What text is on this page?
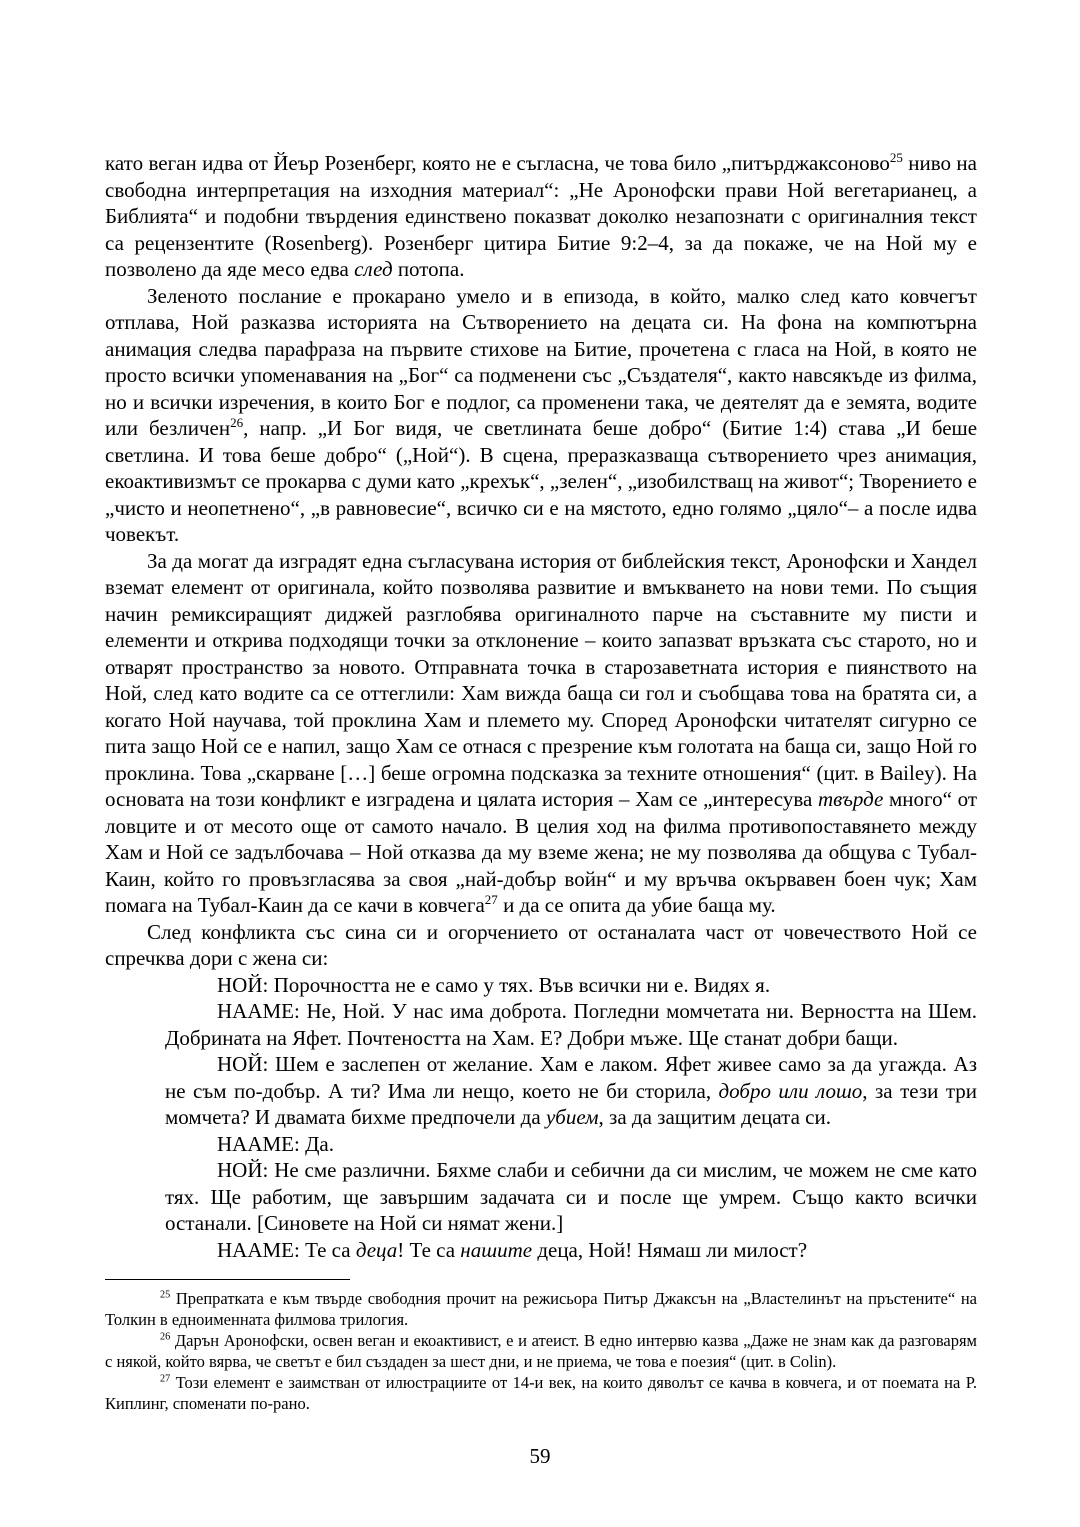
като веган идва от Йеър Розенберг, която не е съгласна, че това било „питърджаксоново$^{25}$ ниво на свободна интерпретация на изходния материал“: „Не Аронофски прави Ной вегетарианец, а Библията“ и подобни твърдения единствено показват доколко незапознати с оригиналния текст са рецензентите (Rosenberg). Розенберг цитира Битие 9:2–4, за да покаже, че на Ной му е позволено да яде месо едва след потопа.

Зеленото послание е прокарано умело и в епизода, в който, малко след като ковчегът отплава, Ной разказва историята на Сътворението на децата си. На фона на компютърна анимация следва парафраза на първите стихове на Битие, прочетена с гласа на Ной, в която не просто всички упоменавания на „Бог“ са подменени със „Създателя“, както навсякъде из филма, но и всички изречения, в които Бог е подлог, са променени така, че деятелят да е земята, водите или безличен$^{26}$, напр. „И Бог видя, че светлината беше добро“ (Битие 1:4) става „И беше светлина. И това беше добро“ („Ной“). В сцена, преразказваща сътворението чрез анимация, екоактивизмът се прокарва с думи като „крехък“, „зелен“, „изобилстващ на живот“; Творението е „чисто и неопетнено“, „в равновесие“, всичко си е на мястото, едно голямо „цяло“– а после идва човекът.

За да могат да изградят една съгласувана история от библейския текст, Аронофски и Хандел вземат елемент от оригинала, който позволява развитие и вмъкването на нови теми. По същия начин ремиксиращият диджей разглобява оригиналното парче на съставните му писти и елементи и открива подходящи точки за отклонение – които запазват връзката със старото, но и отварят пространство за новото. Отправната точка в старозаветната история е пиянството на Ной, след като водите са се оттеглили: Хам вижда баща си гол и съобщава това на братята си, а когато Ной научава, той проклина Хам и племето му. Според Аронофски читателят сигурно се пита защо Ной се е напил, защо Хам се отнася с презрение към голотата на баща си, защо Ной го проклина. Това „скарване […] беше огромна подсказка за техните отношения“ (цит. в Bailey). На основата на този конфликт е изградена и цялата история – Хам се „интересува твърде много“ от ловците и от месото още от самото начало. В целия ход на филма противопоставянето между Хам и Ной се задълбочава – Ной отказва да му вземе жена; не му позволява да общува с Тубал-Каин, който го провъзгласява за своя „най-добър войн“ и му връчва окървавен боен чук; Хам помага на Тубал-Каин да се качи в ковчега$^{27}$ и да се опита да убие баща му.

След конфликта със сина си и огорчението от останалата част от човечеството Ной се спречква дори с жена си:

НОЙ: Порочността не е само у тях. Във всички ни е. Видях я.

НААМЕ: Не, Ной. У нас има доброта. Погледни момчетата ни. Верността на Шем. Добрината на Яфет. Почтеността на Хам. Е? Добри мъже. Ще станат добри бащи.

НОЙ: Шем е заслепен от желание. Хам е лаком. Яфет живее само за да угажда. Аз не съм по-добър. А ти? Има ли нещо, което не би сторила, добро или лошо, за тези три момчета? И двамата бихме предпочели да убием, за да защитим децата си.

НААМЕ: Да.

НОЙ: Не сме различни. Бяхме слаби и себични да си мислим, че можем не сме като тях. Ще работим, ще завършим задачата си и после ще умрем. Също както всички останали. [Синовете на Ной си нямат жени.]

НААМЕ: Те са деца! Те са нашите деца, Ной! Нямаш ли милост?

$^{25}$ Препратката е към твърде свободния прочит на режисьора Питър Джаксън на „Властелинът на пръстените“ на Толкин в едноименната филмова трилогия.

$^{26}$ Дарън Аронофски, освен веган и екоактивист, е и атеист. В едно интервю казва „Даже не знам как да разговарям с някой, който вярва, че светът е бил създаден за шест дни, и не приема, че това е поезия“ (цит. в Colin).

$^{27}$ Този елемент е заимстван от илюстрациите от 14-и век, на които дяволът се качва в ковчега, и от поемата на Р. Киплинг, споменати по-рано.

59
